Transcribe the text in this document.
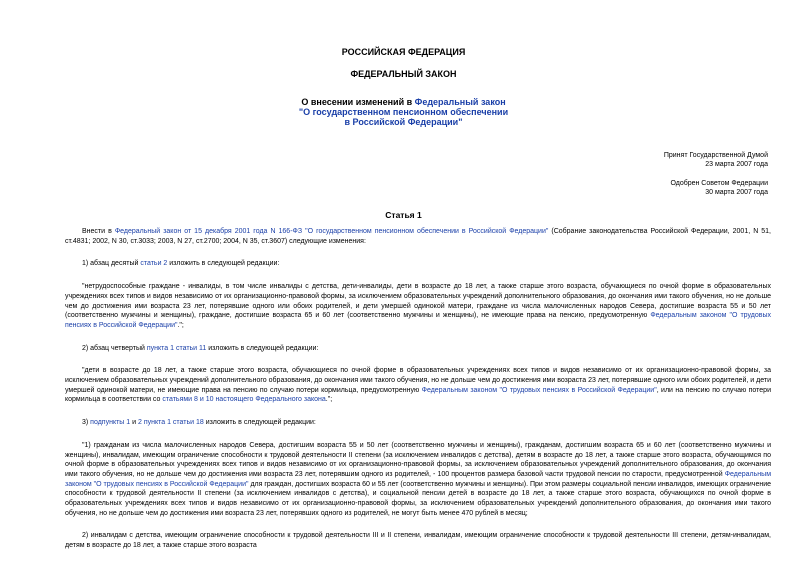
РОССИЙСКАЯ ФЕДЕРАЦИЯ
ФЕДЕРАЛЬНЫЙ ЗАКОН
О внесении изменений в Федеральный закон
"О государственном пенсионном обеспечении
в Российской Федерации"
Принят Государственной Думой
23 марта 2007 года
Одобрен Советом Федерации
30 марта 2007 года
Статья 1

Внести в Федеральный закон от 15 декабря 2001 года N 166-ФЗ "О государственном пенсионном обеспечении в Российской Федерации" (Собрание законодательства Российской Федерации, 2001, N 51, ст.4831; 2002, N 30, ст.3033; 2003, N 27, ст.2700; 2004, N 35, ст.3607) следующие изменения:

1) абзац десятый статьи 2 изложить в следующей редакции:

"нетрудоспособные граждане - инвалиды, в том числе инвалиды с детства, дети-инвалиды, дети в возрасте до 18 лет, а также старше этого возраста, обучающиеся по очной форме в образовательных учреждениях всех типов и видов независимо от их организационно-правовой формы, за исключением образовательных учреждений дополнительного образования, до окончания ими такого обучения, но не дольше чем до достижения ими возраста 23 лет, потерявшие одного или обоих родителей, и дети умершей одинокой матери, граждане из числа малочисленных народов Севера, достигшие возраста 55 и 50 лет (соответственно мужчины и женщины), граждане, достигшие возраста 65 и 60 лет (соответственно мужчины и женщины), не имеющие права на пенсию, предусмотренную Федеральным законом "О трудовых пенсиях в Российской Федерации".";

2) абзац четвертый пункта 1 статьи 11 изложить в следующей редакции:

"дети в возрасте до 18 лет, а также старше этого возраста, обучающиеся по очной форме в образовательных учреждениях всех типов и видов независимо от их организационно-правовой формы, за исключением образовательных учреждений дополнительного образования, до окончания ими такого обучения, но не дольше чем до достижения ими возраста 23 лет, потерявшие одного или обоих родителей, и дети умершей одинокой матери, не имеющие права на пенсию по случаю потери кормильца, предусмотренную Федеральным законом "О трудовых пенсиях в Российской Федерации", или на пенсию по случаю потери кормильца в соответствии со статьями 8 и 10 настоящего Федерального закона.";

3) подпункты 1 и 2 пункта 1 статьи 18 изложить в следующей редакции:

"1) гражданам из числа малочисленных народов Севера, достигшим возраста 55 и 50 лет (соответственно мужчины и женщины), гражданам, достигшим возраста 65 и 60 лет (соответственно мужчины и женщины), инвалидам, имеющим ограничение способности к трудовой деятельности II степени (за исключением инвалидов с детства), детям в возрасте до 18 лет, а также старше этого возраста, обучающимся по очной форме в образовательных учреждениях всех типов и видов независимо от их организационно-правовой формы, за исключением образовательных учреждений дополнительного образования, до окончания ими такого обучения, но не дольше чем до достижения ими возраста 23 лет, потерявшим одного из родителей, - 100 процентов размера базовой части трудовой пенсии по старости, предусмотренной Федеральным законом "О трудовых пенсиях в Российской Федерации" для граждан, достигших возраста 60 и 55 лет (соответственно мужчины и женщины). При этом размеры социальной пенсии инвалидов, имеющих ограничение способности к трудовой деятельности II степени (за исключением инвалидов с детства), и социальной пенсии детей в возрасте до 18 лет, а также старше этого возраста, обучающихся по очной форме в образовательных учреждениях всех типов и видов независимо от их организационно-правовой формы, за исключением образовательных учреждений дополнительного образования, до окончания ими такого обучения, но не дольше чем до достижения ими возраста 23 лет, потерявших одного из родителей, не могут быть менее 470 рублей в месяц;

2) инвалидам с детства, имеющим ограничение способности к трудовой деятельности III и II степени, инвалидам, имеющим ограничение способности к трудовой деятельности III степени, детям-инвалидам, детям в возрасте до 18 лет, а также старше этого возраста
